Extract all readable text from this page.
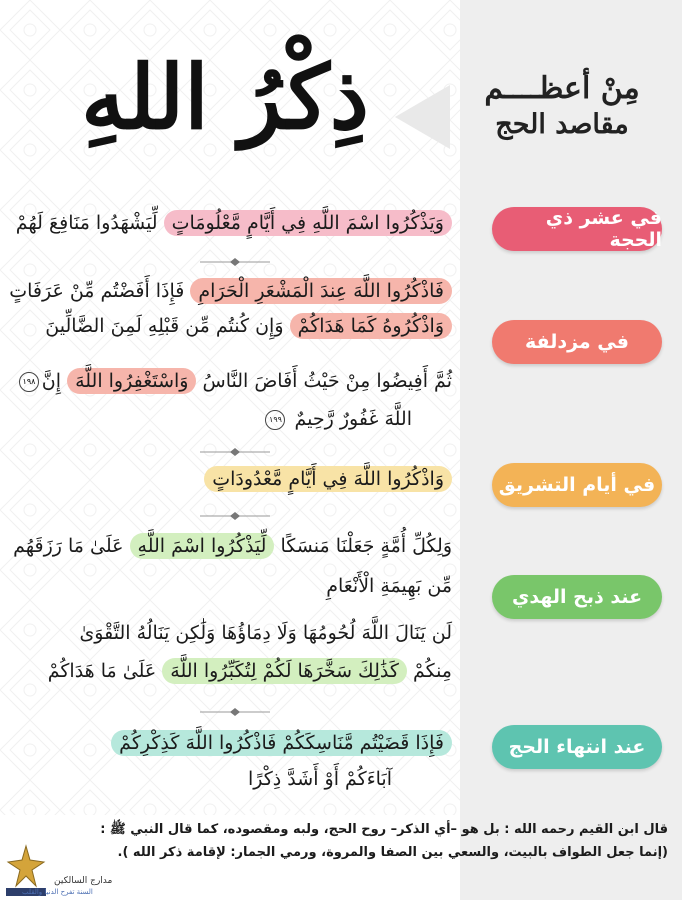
مِنْ أعظــــم
مقاصد الحج
ذِكْرُ اللهِ
في عشر ذي الحجة
في مزدلفة
في أيام التشريق
عند ذبح الهدي
عند انتهاء الحج
وَيَذْكُرُوا اسْمَ اللَّهِ فِي أَيَّامٍ مَّعْلُومَاتٍ لِّيَشْهَدُوا مَنَافِعَ لَهُمْ
فَاذْكُرُوا اللَّهَ عِندَ الْمَشْعَرِ الْحَرَامِ فَإِذَا أَفَضْتُم مِّنْ عَرَفَاتٍ
وَاذْكُرُوهُ كَمَا هَدَاكُمْ وَإِن كُنتُم مِّن قَبْلِهِ لَمِنَ الضَّالِّينَ
ثُمَّ أَفِيضُوا مِنْ حَيْثُ أَفَاضَ النَّاسُ وَاسْتَغْفِرُوا اللَّهَ إِنَّ
اللَّهَ غَفُورٌ رَّحِيمٌ ١٩٩
١٩٨
وَاذْكُرُوا اللَّهَ فِي أَيَّامٍ مَّعْدُودَاتٍ
وَلِكُلِّ أُمَّةٍ جَعَلْنَا مَنسَكًا لِّيَذْكُرُوا اسْمَ اللَّهِ عَلَىٰ مَا رَزَقَهُم
مِّن بَهِيمَةِ الْأَنْعَامِ
لَن يَنَالَ اللَّهَ لُحُومُهَا وَلَا دِمَاؤُهَا وَلَٰكِن يَنَالُهُ التَّقْوَىٰ
مِنكُمْ كَذَٰلِكَ سَخَّرَهَا لَكُمْ لِتُكَبِّرُوا اللَّهَ عَلَىٰ مَا هَدَاكُمْ
فَإِذَا قَضَيْتُم مَّنَاسِكَكُمْ فَاذْكُرُوا اللَّهَ كَذِكْرِكُمْ
آبَاءَكُمْ أَوْ أَشَدَّ ذِكْرًا
قال ابن القيم رحمه الله : بل هو –أي الذكر– روح الحج، ولبه ومقصوده، كما قال النبي ﷺ :
(إنما جعل الطواف بالبيت، والسعي بين الصفا والمروة، ورمي الجمار: لإقامة ذكر الله ).
مدارج السالكين
السنة تفرح الدنيا والقلب
